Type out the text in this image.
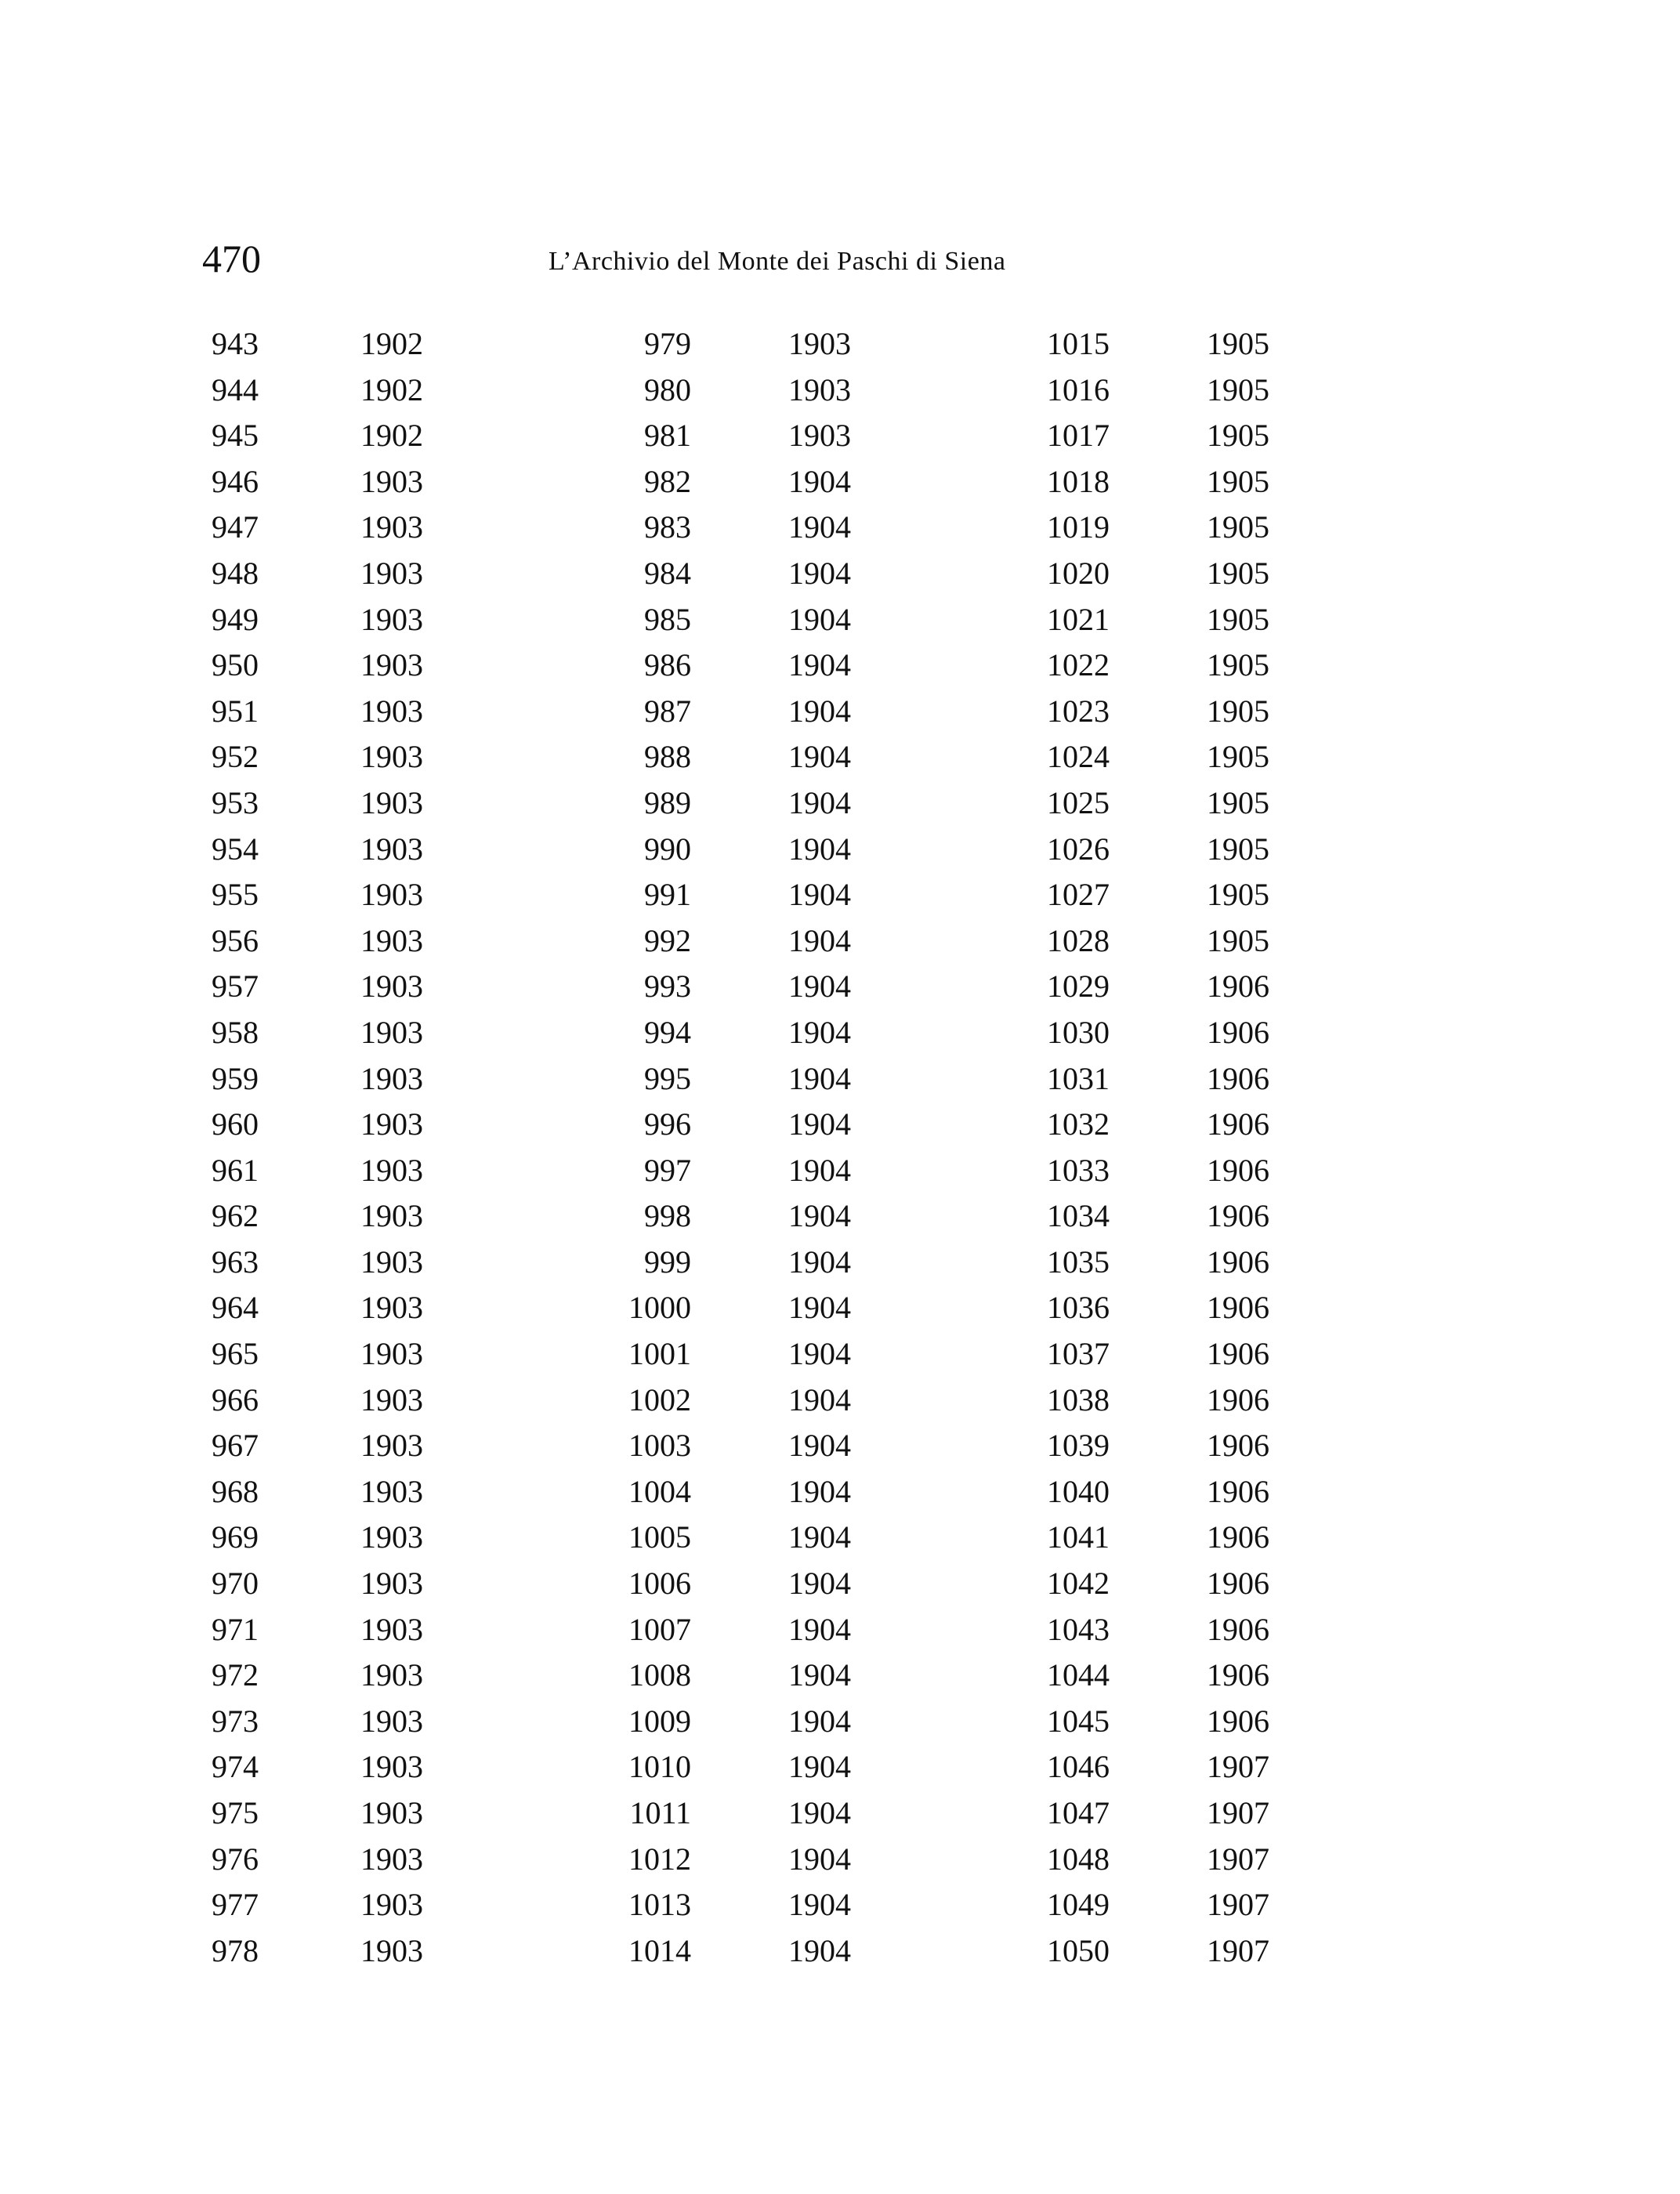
470	L’Archivio del Monte dei Paschi di Siena
943
944
945
946
947
948
949
950
951
952
953
954
955
956
957
958
959
960
961
962
963
964
965
966
967
968
969
970
971
972
973
974
975
976
977
978
1902
1902
1902
1903
1903
1903
1903
1903
1903
1903
1903
1903
1903
1903
1903
1903
1903
1903
1903
1903
1903
1903
1903
1903
1903
1903
1903
1903
1903
1903
1903
1903
1903
1903
1903
1903
979
980
981
982
983
984
985
986
987
988
989
990
991
992
993
994
995
996
997
998
999
1000
1001
1002
1003
1004
1005
1006
1007
1008
1009
1010
1011
1012
1013
1014
1903
1903
1903
1904
1904
1904
1904
1904
1904
1904
1904
1904
1904
1904
1904
1904
1904
1904
1904
1904
1904
1904
1904
1904
1904
1904
1904
1904
1904
1904
1904
1904
1904
1904
1904
1904
1015
1016
1017
1018
1019
1020
1021
1022
1023
1024
1025
1026
1027
1028
1029
1030
1031
1032
1033
1034
1035
1036
1037
1038
1039
1040
1041
1042
1043
1044
1045
1046
1047
1048
1049
1050
1905
1905
1905
1905
1905
1905
1905
1905
1905
1905
1905
1905
1905
1905
1906
1906
1906
1906
1906
1906
1906
1906
1906
1906
1906
1906
1906
1906
1906
1906
1906
1907
1907
1907
1907
1907
